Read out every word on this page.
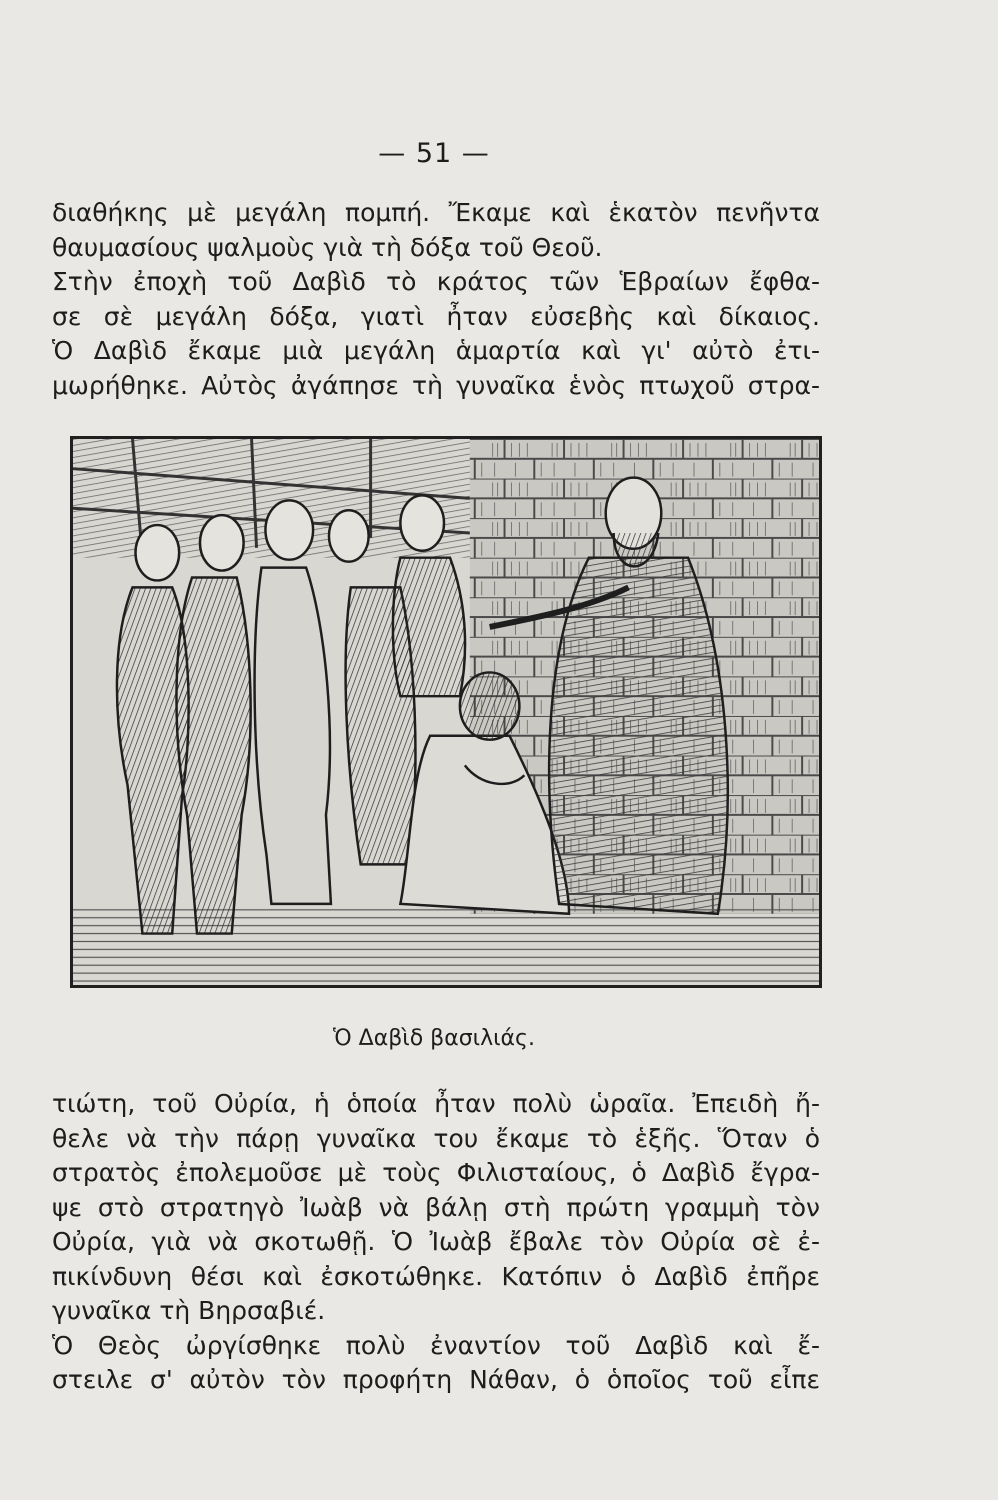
— 51 —
διαθήκης μὲ μεγάλη πομπή. Ἔκαμε καὶ ἑκατὸν πενῆντα
θαυμασίους ψαλμοὺς γιὰ τὴ δόξα τοῦ Θεοῦ.
Στὴν ἐποχὴ τοῦ Δαβὶδ τὸ κράτος τῶν Ἑβραίων ἔφθα-
σε σὲ μεγάλη δόξα, γιατὶ ἦταν εὐσεβὴς καὶ δίκαιος.
Ὁ Δαβὶδ ἔκαμε μιὰ μεγάλη ἁμαρτία καὶ γι' αὐτὸ ἐτι-
μωρήθηκε. Αὐτὸς ἀγάπησε τὴ γυναῖκα ἑνὸς πτωχοῦ στρα-
Ὁ Δαβὶδ βασιλιάς.
τιώτη, τοῦ Οὐρία, ἡ ὁποία ἦταν πολὺ ὡραῖα. Ἐπειδὴ ἤ-
θελε νὰ τὴν πάρῃ γυναῖκα του ἔκαμε τὸ ἑξῆς. Ὅταν ὁ
στρατὸς ἐπολεμοῦσε μὲ τοὺς Φιλισταίους, ὁ Δαβὶδ ἔγρα-
ψε στὸ στρατηγὸ Ἰωὰβ νὰ βάλῃ στὴ πρώτη γραμμὴ τὸν
Οὐρία, γιὰ νὰ σκοτωθῇ. Ὁ Ἰωὰβ ἔβαλε τὸν Οὐρία σὲ ἐ-
πικίνδυνη θέσι καὶ ἐσκοτώθηκε. Κατόπιν ὁ Δαβὶδ ἐπῆρε
γυναῖκα τὴ Βηρσαβιέ.
Ὁ Θεὸς ὠργίσθηκε πολὺ ἐναντίον τοῦ Δαβὶδ καὶ ἔ-
στειλε σ' αὐτὸν τὸν προφήτη Νάθαν, ὁ ὁποῖος τοῦ εἶπε
